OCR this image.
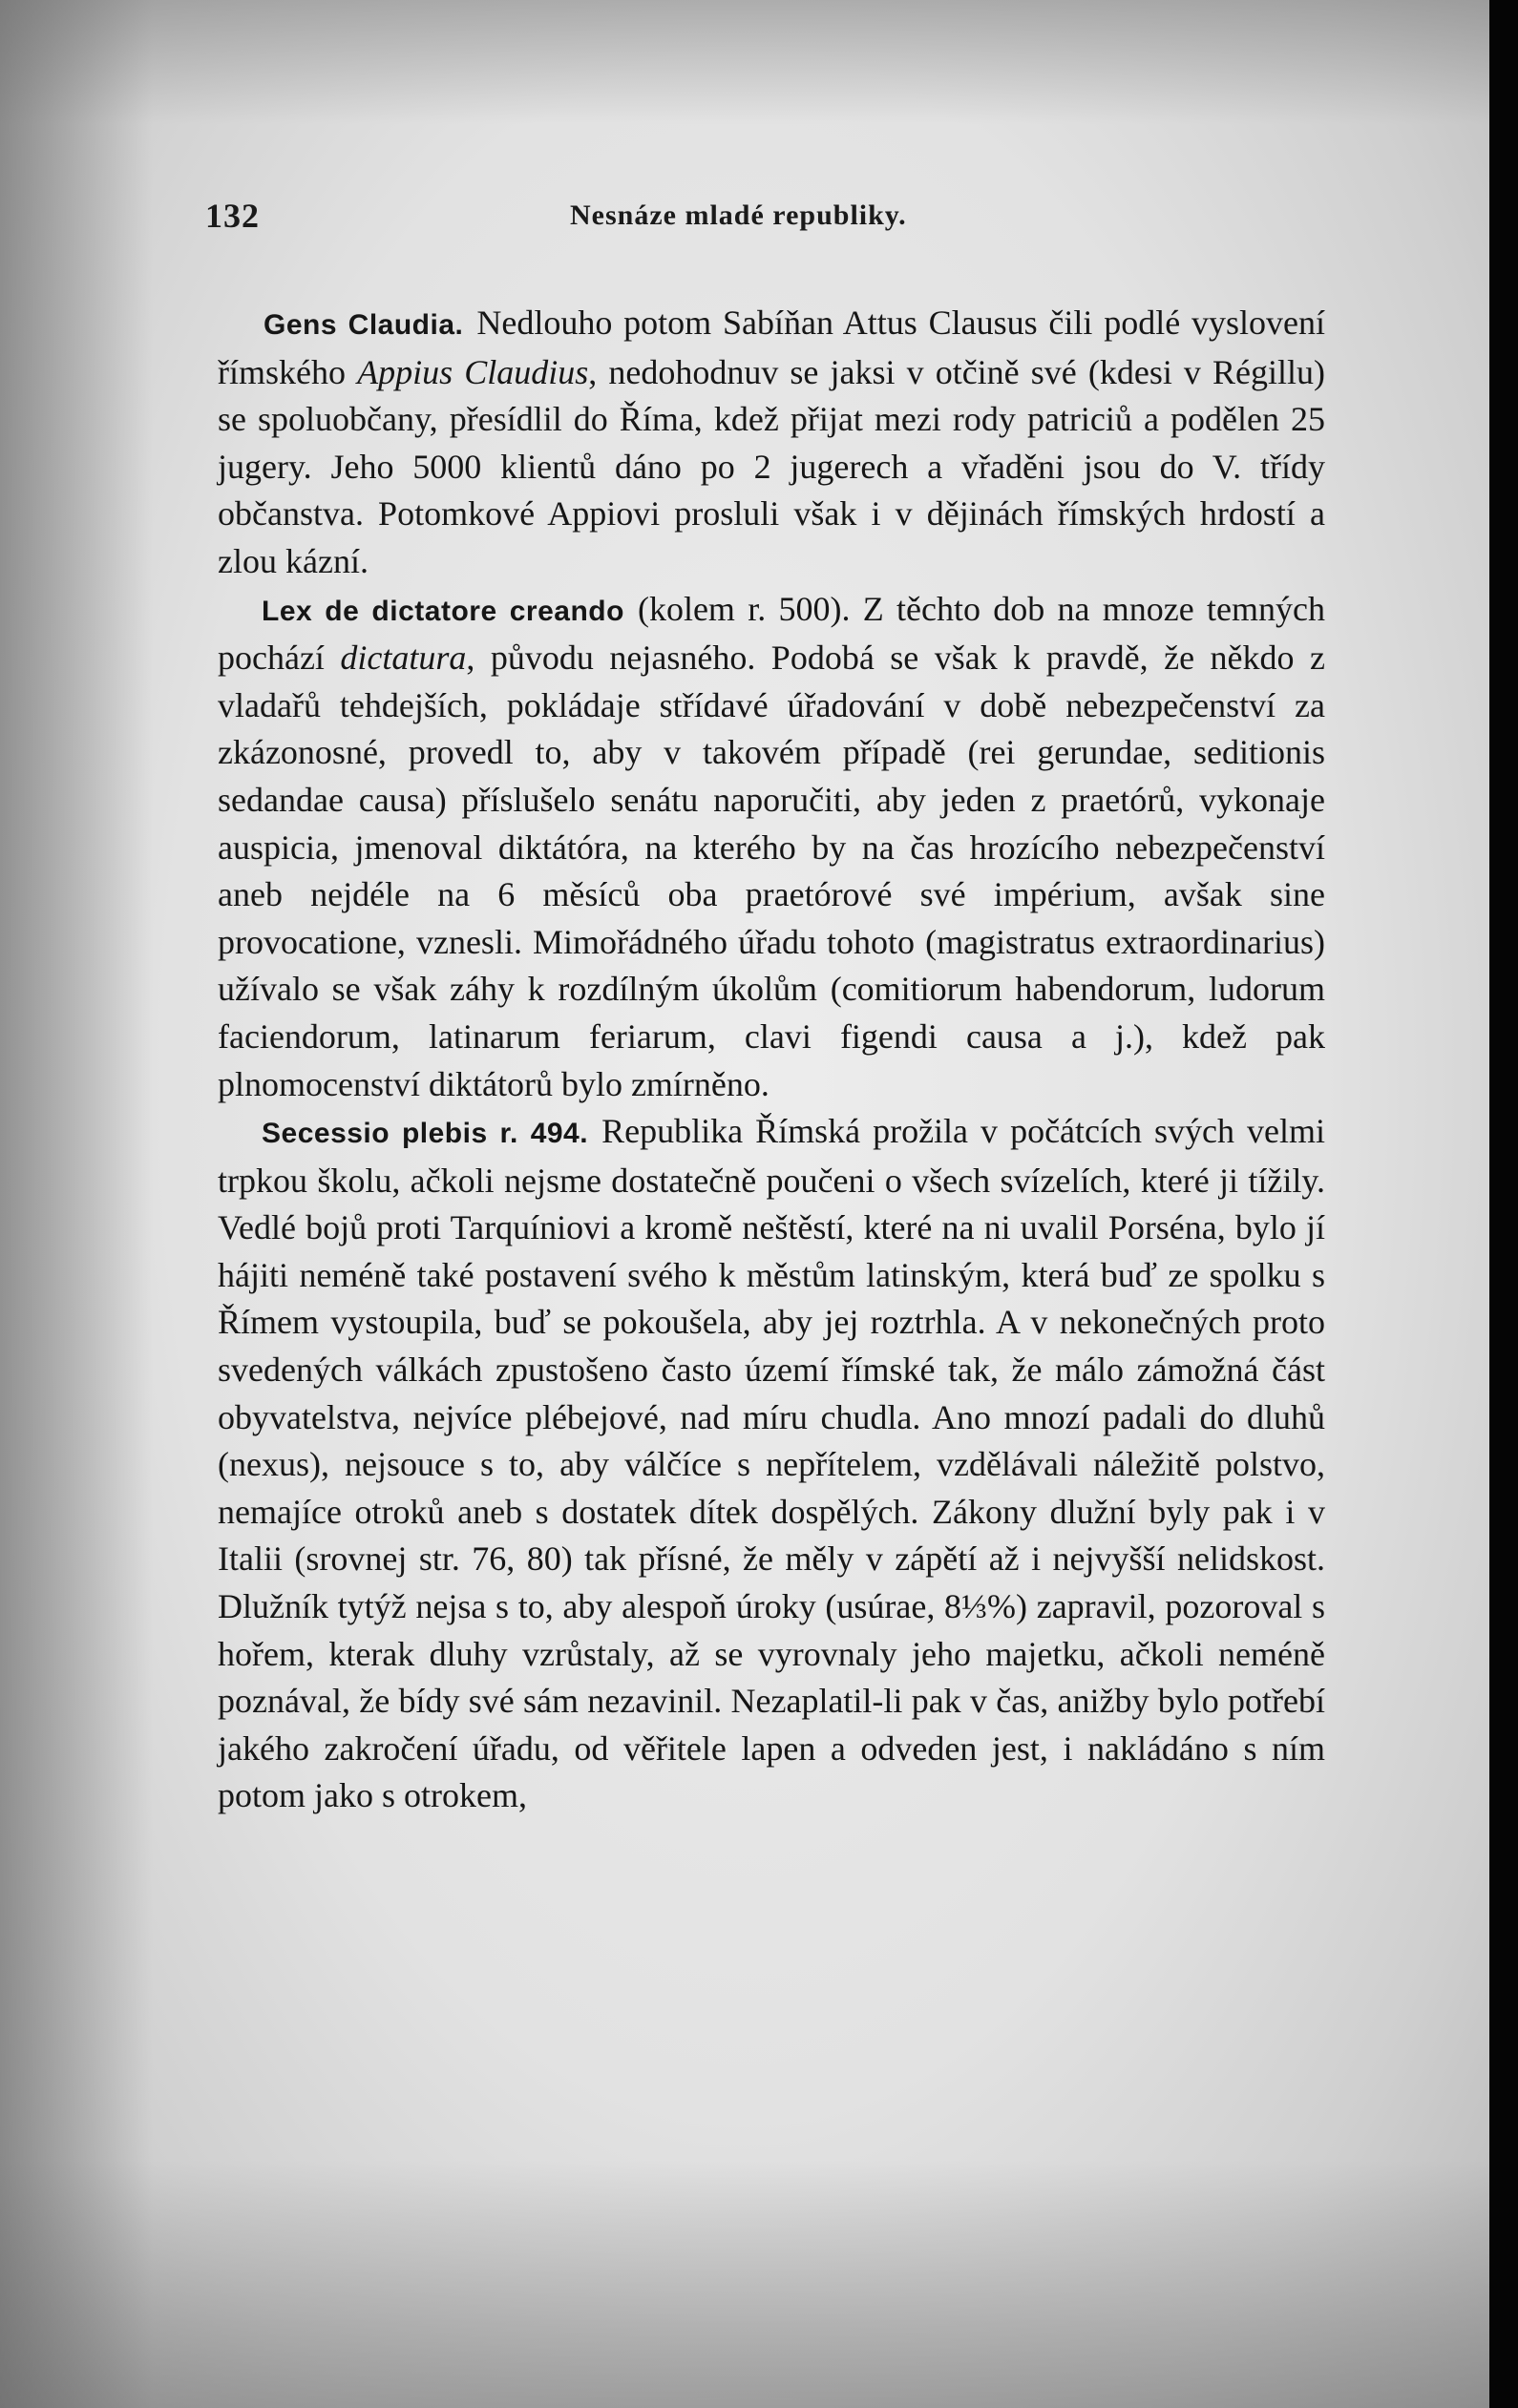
132	Nesnáze mladé republiky.

Gens Claudia. Nedlouho potom Sabíňan Attus Clausus čili podlé vyslovení římského Appius Claudius, nedohodnuv se jaksi v otčině své (kdesi v Régillu) se spoluobčany, přesídlil do Říma, kdež přijat mezi rody patriciů a podělen 25 jugery. Jeho 5000 klientů dáno po 2 jugerech a vřaděni jsou do V. třídy občanstva. Potomkové Appiovi prosluli však i v dějinách římských hrdostí a zlou kázní.

Lex de dictatore creando (kolem r. 500). Z těchto dob na mnoze temných pochází dictatura, původu nejasného. Podobá se však k pravdě, že někdo z vladařů tehdejších, pokládaje střídavé úřadování v době nebezpečenství za zkázonosné, provedl to, aby v takovém případě (rei gerundae, seditionis sedandae causa) příslušelo senátu naporučiti, aby jeden z praetórů, vykonaje auspicia, jmenoval diktátóra, na kterého by na čas hrozícího nebezpečenství aneb nejdéle na 6 měsíců oba praetórové své impérium, avšak sine provocatione, vznesli. Mimořádného úřadu tohoto (magistratus extraordinarius) užívalo se však záhy k rozdílným úkolům (comitiorum habendorum, ludorum faciendorum, latinarum feriarum, clavi figendi causa a j.), kdež pak plnomocenství diktátorů bylo zmírněno.

Secessio plebis r. 494. Republika Římská prožila v počátcích svých velmi trpkou školu, ačkoli nejsme dostatečně poučeni o všech svízelích, které ji tížily. Vedlé bojů proti Tarquíniovi a kromě neštěstí, které na ni uvalil Porséna, bylo jí hájiti neméně také postavení svého k městům latinským, která buď ze spolku s Římem vystoupila, buď se pokoušela, aby jej roztrhla. A v nekonečných proto svedených válkách zpustošeno často území římské tak, že málo zámožná část obyvatelstva, nejvíce plébejové, nad míru chudla. Ano mnozí padali do dluhů (nexus), nejsouce s to, aby válčíce s nepřítelem, vzdělávali náležitě polstvo, nemajíce otroků aneb s dostatek dítek dospělých. Zákony dlužní byly pak i v Italii (srovnej str. 76, 80) tak přísné, že měly v zápětí až i nejvyšší nelidskost. Dlužník tytýž nejsa s to, aby alespoň úroky (usúrae, 8⅓%) zapravil, pozoroval s hořem, kterak dluhy vzrůstaly, až se vyrovnaly jeho majetku, ačkoli neméně poznával, že bídy své sám nezavinil. Nezaplatil-li pak v čas, anižby bylo potřebí jakého zakročení úřadu, od věřitele lapen a odveden jest, i nakládáno s ním potom jako s otrokem,
